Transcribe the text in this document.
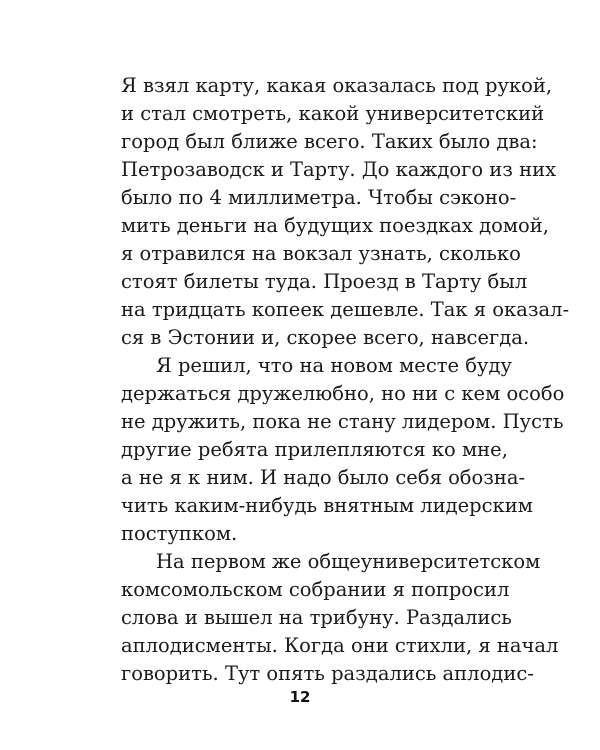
Я взял карту, какая оказалась под рукой,
и стал смотреть, какой университетский
город был ближе всего. Таких было два:
Петрозаводск и Тарту. До каждого из них
было по 4 миллиметра. Чтобы сэконо-
мить деньги на будущих поездках домой,
я отравился на вокзал узнать, сколько
стоят билеты туда. Проезд в Тарту был
на тридцать копеек дешевле. Так я оказал-
ся в Эстонии и, скорее всего, навсегда.
Я решил, что на новом месте буду
держаться дружелюбно, но ни с кем особо
не дружить, пока не стану лидером. Пусть
другие ребята прилепляются ко мне,
а не я к ним. И надо было себя обозна-
чить каким-нибудь внятным лидерским
поступком.
На первом же общеуниверситетском
комсомольском собрании я попросил
слова и вышел на трибуну. Раздались
аплодисменты. Когда они стихли, я начал
говорить. Тут опять раздались аплодис-
12
